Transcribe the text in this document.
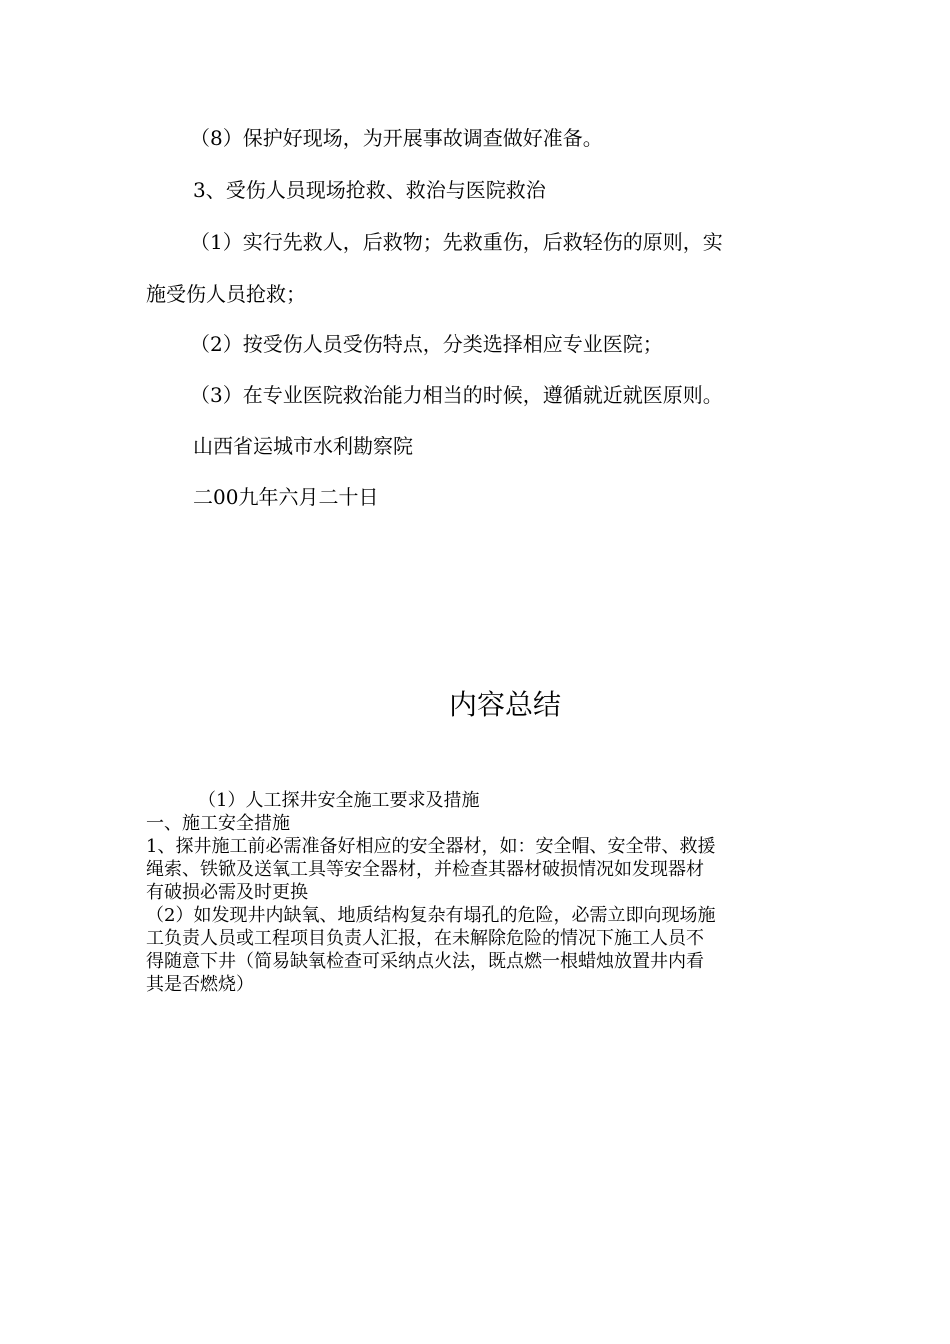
（8）保护好现场，为开展事故调查做好准备。
3、受伤人员现场抢救、救治与医院救治
（1）实行先救人，后救物；先救重伤，后救轻伤的原则，实
施受伤人员抢救；
（2）按受伤人员受伤特点，分类选择相应专业医院；
（3）在专业医院救治能力相当的时候，遵循就近就医原则。
山西省运城市水利勘察院
二00九年六月二十日
内容总结

（1）人工探井安全施工要求及措施

一、施工安全措施

1、探井施工前必需准备好相应的安全器材，如：安全帽、安全带、救援

绳索、铁锨及送氧工具等安全器材，并检查其器材破损情况如发现器材

有破损必需及时更换

（2）如发现井内缺氧、地质结构复杂有塌孔的危险，必需立即向现场施

工负责人员或工程项目负责人汇报，在未解除危险的情况下施工人员不

得随意下井（简易缺氧检查可采纳点火法，既点燃一根蜡烛放置井内看

其是否燃烧）
